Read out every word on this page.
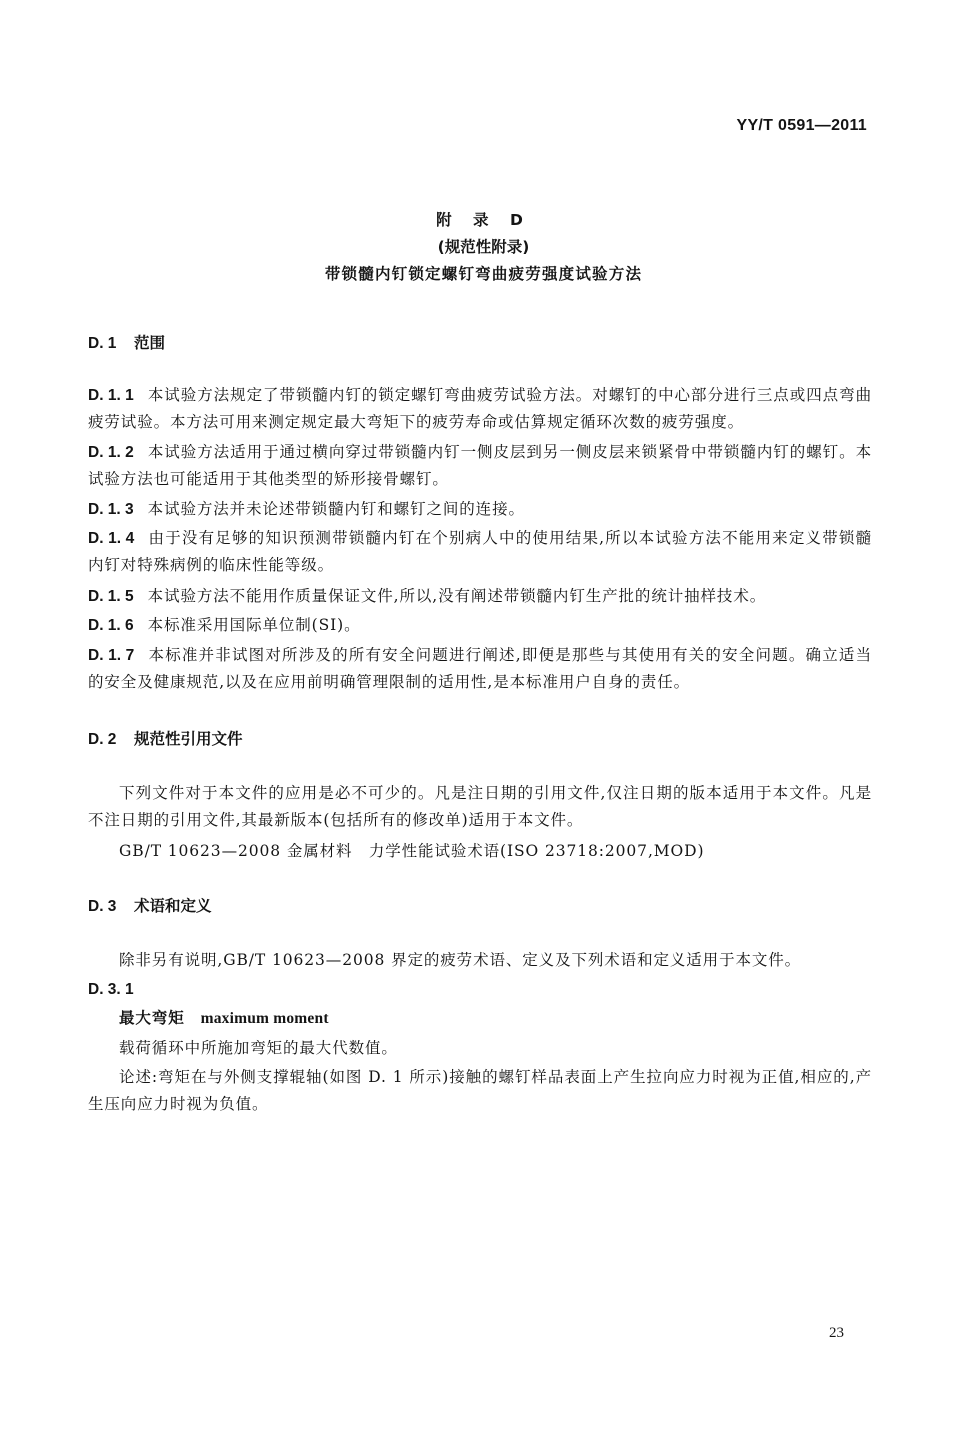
YY/T 0591—2011
附 录 D
(规范性附录)
带锁髓内钉锁定螺钉弯曲疲劳强度试验方法
D. 1 范围
D. 1. 1 本试验方法规定了带锁髓内钉的锁定螺钉弯曲疲劳试验方法。对螺钉的中心部分进行三点或四点弯曲疲劳试验。本方法可用来测定规定最大弯矩下的疲劳寿命或估算规定循环次数的疲劳强度。
D. 1. 2 本试验方法适用于通过横向穿过带锁髓内钉一侧皮层到另一侧皮层来锁紧骨中带锁髓内钉的螺钉。本试验方法也可能适用于其他类型的矫形接骨螺钉。
D. 1. 3 本试验方法并未论述带锁髓内钉和螺钉之间的连接。
D. 1. 4 由于没有足够的知识预测带锁髓内钉在个别病人中的使用结果,所以本试验方法不能用来定义带锁髓内钉对特殊病例的临床性能等级。
D. 1. 5 本试验方法不能用作质量保证文件,所以,没有阐述带锁髓内钉生产批的统计抽样技术。
D. 1. 6 本标准采用国际单位制(SI)。
D. 1. 7 本标准并非试图对所涉及的所有安全问题进行阐述,即便是那些与其使用有关的安全问题。确立适当的安全及健康规范,以及在应用前明确管理限制的适用性,是本标准用户自身的责任。
D. 2 规范性引用文件
下列文件对于本文件的应用是必不可少的。凡是注日期的引用文件,仅注日期的版本适用于本文件。凡是不注日期的引用文件,其最新版本(包括所有的修改单)适用于本文件。
GB/T 10623—2008 金属材料　力学性能试验术语(ISO 23718:2007,MOD)
D. 3 术语和定义
除非另有说明,GB/T 10623—2008 界定的疲劳术语、定义及下列术语和定义适用于本文件。
D. 3. 1
最大弯矩 maximum moment
载荷循环中所施加弯矩的最大代数值。
论述:弯矩在与外侧支撑辊轴(如图 D. 1 所示)接触的螺钉样品表面上产生拉向应力时视为正值,相应的,产生压向应力时视为负值。
23
